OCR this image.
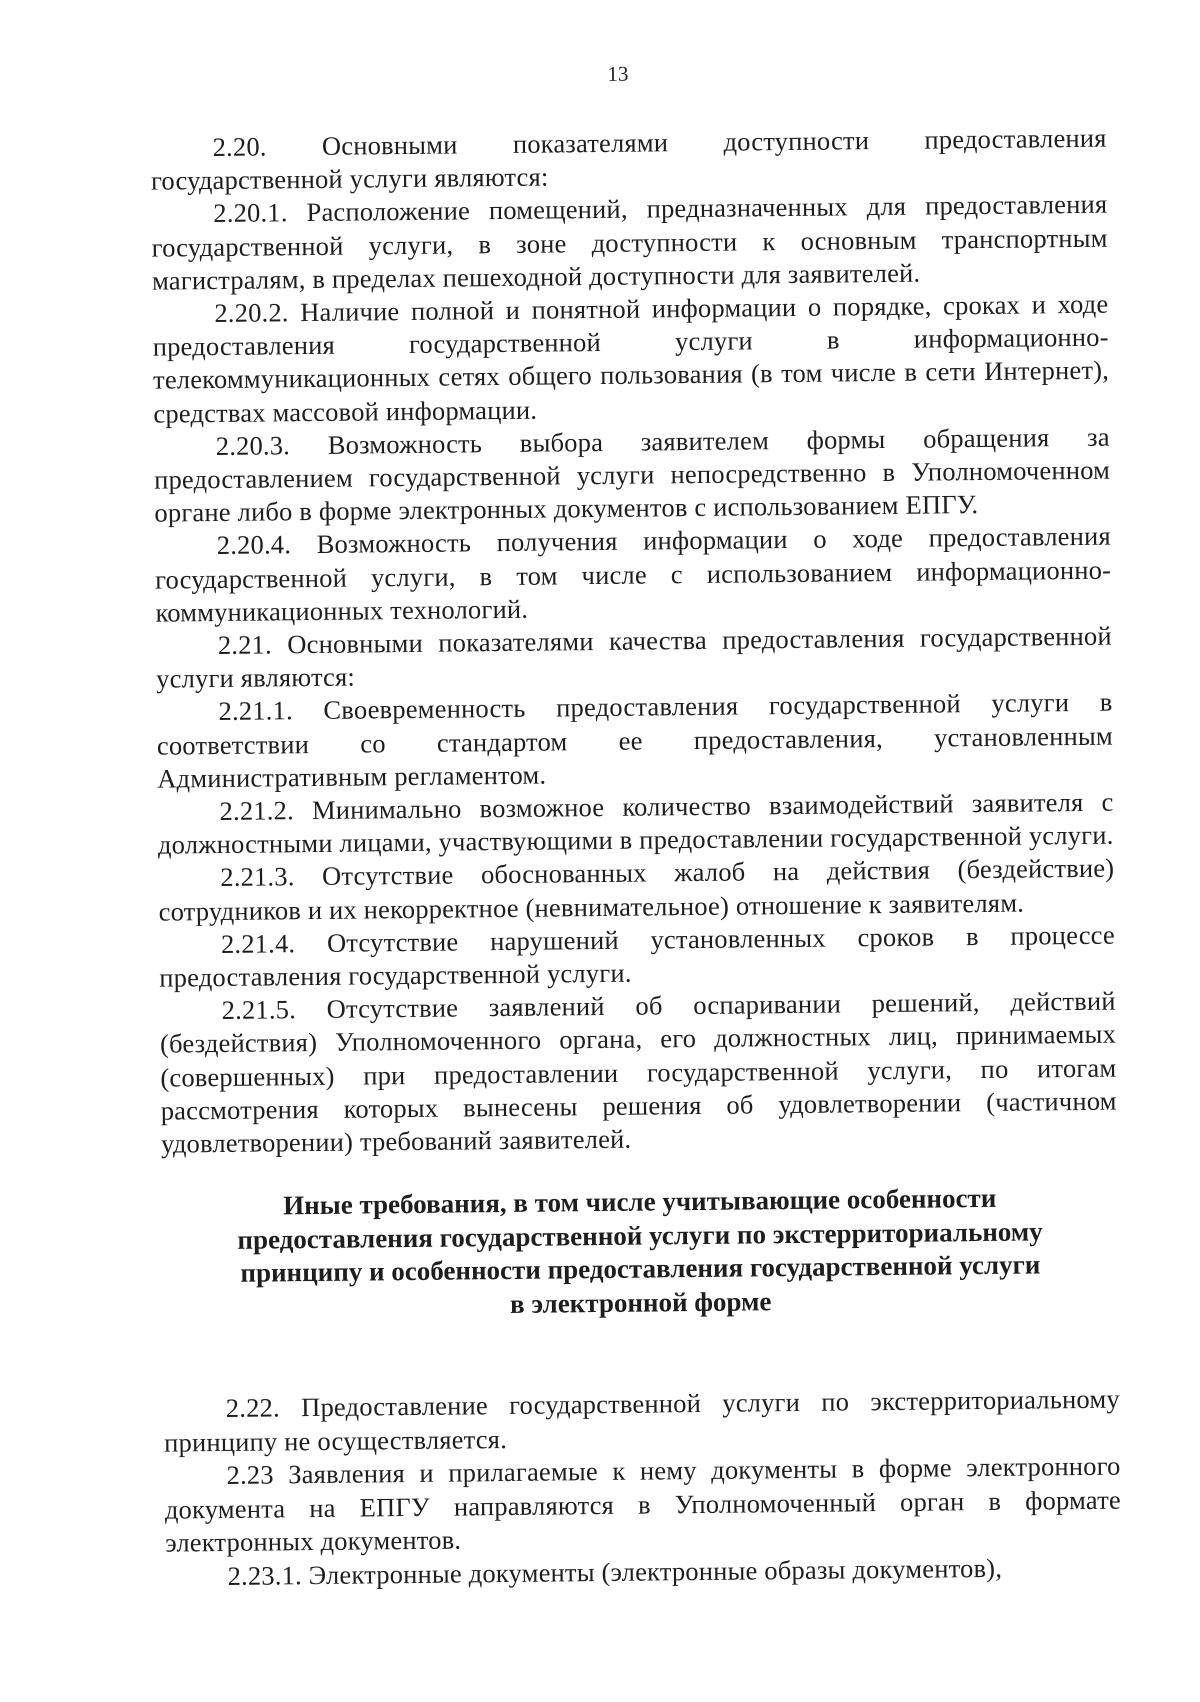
13

2.20. Основными показателями доступности предоставления государственной услуги являются:

2.20.1. Расположение помещений, предназначенных для предоставления государственной услуги, в зоне доступности к основным транспортным магистралям, в пределах пешеходной доступности для заявителей.

2.20.2. Наличие полной и понятной информации о порядке, сроках и ходе предоставления государственной услуги в информационно-телекоммуникационных сетях общего пользования (в том числе в сети Интернет), средствах массовой информации.

2.20.3. Возможность выбора заявителем формы обращения за предоставлением государственной услуги непосредственно в Уполномоченном органе либо в форме электронных документов с использованием ЕПГУ.

2.20.4. Возможность получения информации о ходе предоставления государственной услуги, в том числе с использованием информационно-коммуникационных технологий.

2.21. Основными показателями качества предоставления государственной услуги являются:

2.21.1. Своевременность предоставления государственной услуги в соответствии со стандартом ее предоставления, установленным Административным регламентом.

2.21.2. Минимально возможное количество взаимодействий заявителя с должностными лицами, участвующими в предоставлении государственной услуги.

2.21.3. Отсутствие обоснованных жалоб на действия (бездействие) сотрудников и их некорректное (невнимательное) отношение к заявителям.

2.21.4. Отсутствие нарушений установленных сроков в процессе предоставления государственной услуги.

2.21.5. Отсутствие заявлений об оспаривании решений, действий (бездействия) Уполномоченного органа, его должностных лиц, принимаемых (совершенных) при предоставлении государственной услуги, по итогам рассмотрения которых вынесены решения об удовлетворении (частичном удовлетворении) требований заявителей.

Иные требования, в том числе учитывающие особенности
предоставления государственной услуги по экстерриториальному
принципу и особенности предоставления государственной услуги
в электронной форме

2.22. Предоставление государственной услуги по экстерриториальному принципу не осуществляется.

2.23 Заявления и прилагаемые к нему документы в форме электронного документа на ЕПГУ направляются в Уполномоченный орган в формате электронных документов.

2.23.1. Электронные документы (электронные образы документов),
